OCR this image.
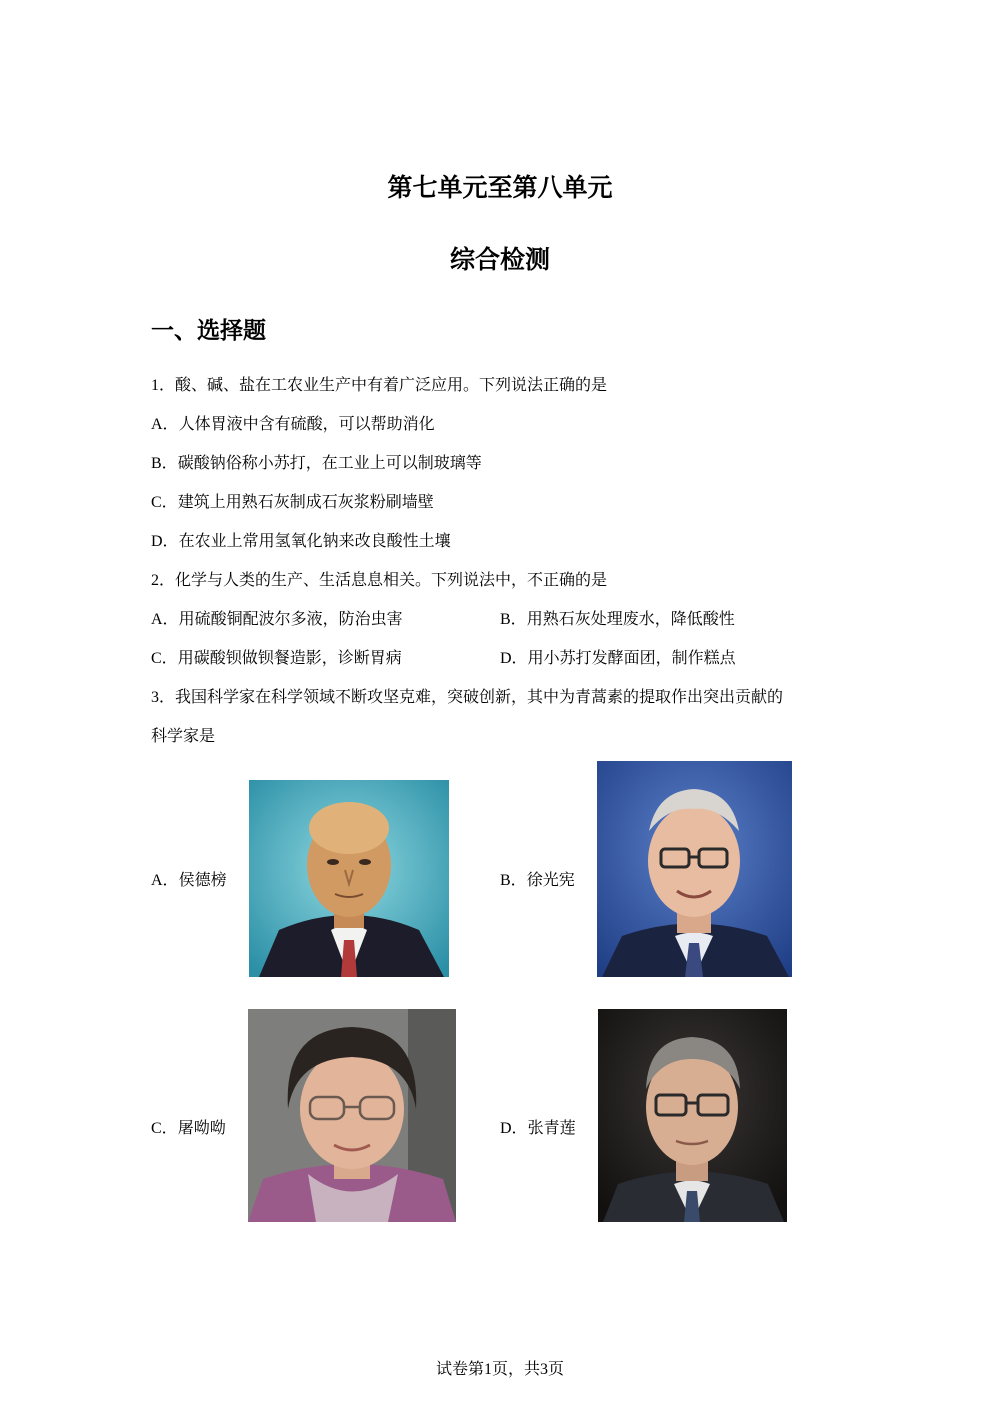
第七单元至第八单元
综合检测
一、选择题
1．酸、碱、盐在工农业生产中有着广泛应用。下列说法正确的是
A．人体胃液中含有硫酸，可以帮助消化
B．碳酸钠俗称小苏打，在工业上可以制玻璃等
C．建筑上用熟石灰制成石灰浆粉刷墙壁
D．在农业上常用氢氧化钠来改良酸性土壤
2．化学与人类的生产、生活息息相关。下列说法中，不正确的是
A．用硫酸铜配波尔多液，防治虫害	B．用熟石灰处理废水，降低酸性
C．用碳酸钡做钡餐造影，诊断胃病	D．用小苏打发酵面团，制作糕点
3．我国科学家在科学领域不断攻坚克难，突破创新，其中为青蒿素的提取作出突出贡献的
科学家是
A．侯德榜	B．徐光宪
C．屠呦呦	D．张青莲
试卷第1页，共3页
